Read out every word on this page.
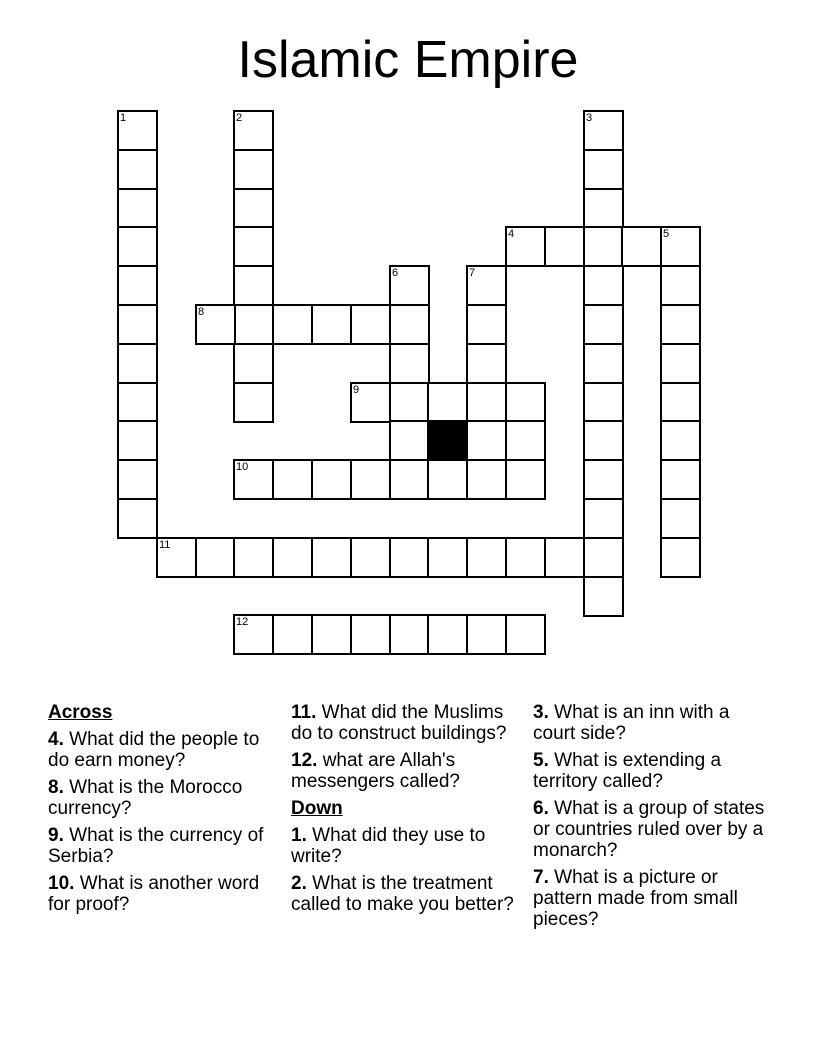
Islamic Empire
1	2	3
4	5
6	7
8
9
10
11
12
Across
4. What did the people to do earn money?
8. What is the Morocco currency?
9. What is the currency of Serbia?
10. What is another word for proof?
11. What did the Muslims do to construct buildings?
12. what are Allah's messengers called?
Down
1. What did they use to write?
2. What is the treatment called to make you better?
3. What is an inn with a court side?
5. What is extending a territory called?
6. What is a group of states or countries ruled over by a monarch?
7. What is a picture or pattern made from small pieces?
